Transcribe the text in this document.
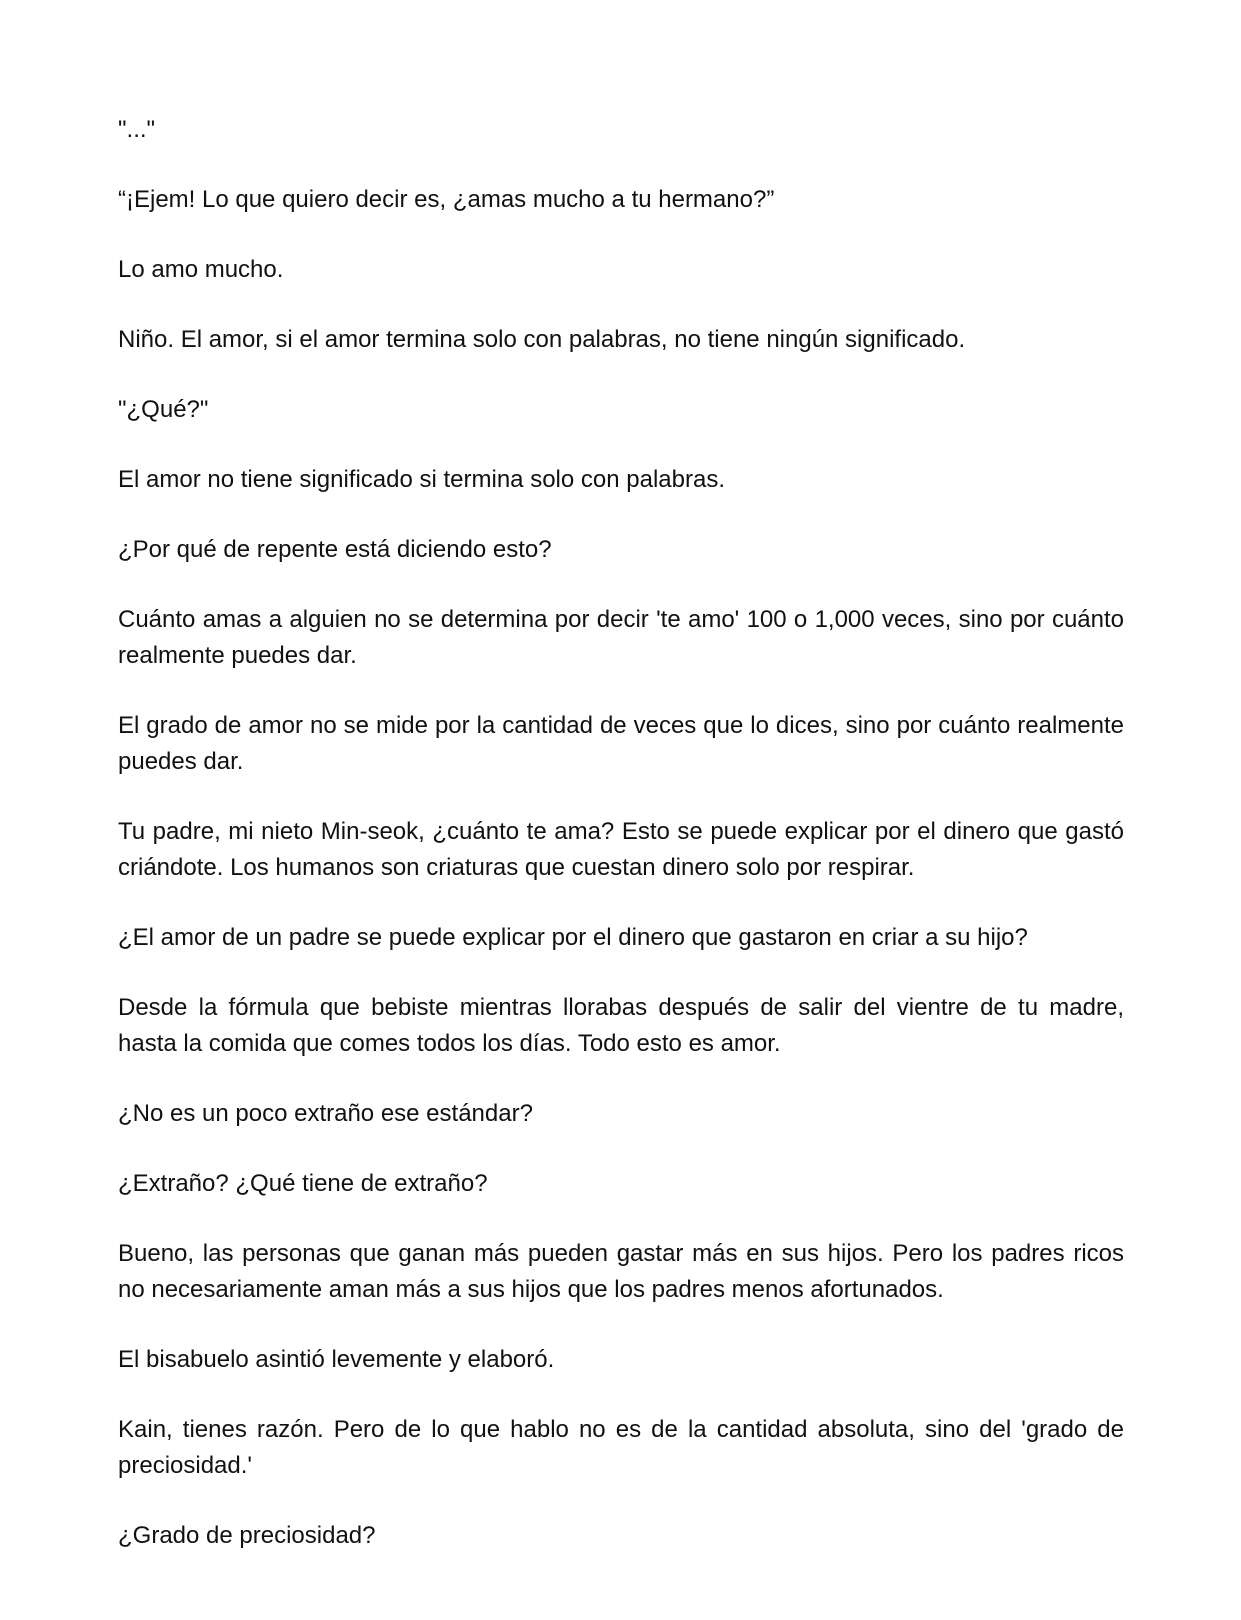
"..."

“¡Ejem! Lo que quiero decir es, ¿amas mucho a tu hermano?”

Lo amo mucho.

Niño. El amor, si el amor termina solo con palabras, no tiene ningún significado.

"¿Qué?"

El amor no tiene significado si termina solo con palabras.

¿Por qué de repente está diciendo esto?

Cuánto amas a alguien no se determina por decir 'te amo' 100 o 1,000 veces, sino por cuánto realmente puedes dar.

El grado de amor no se mide por la cantidad de veces que lo dices, sino por cuánto realmente puedes dar.

Tu padre, mi nieto Min-seok, ¿cuánto te ama? Esto se puede explicar por el dinero que gastó criándote. Los humanos son criaturas que cuestan dinero solo por respirar.

¿El amor de un padre se puede explicar por el dinero que gastaron en criar a su hijo?

Desde la fórmula que bebiste mientras llorabas después de salir del vientre de tu madre, hasta la comida que comes todos los días. Todo esto es amor.

¿No es un poco extraño ese estándar?

¿Extraño? ¿Qué tiene de extraño?

Bueno, las personas que ganan más pueden gastar más en sus hijos. Pero los padres ricos no necesariamente aman más a sus hijos que los padres menos afortunados.

El bisabuelo asintió levemente y elaboró.

Kain, tienes razón. Pero de lo que hablo no es de la cantidad absoluta, sino del 'grado de preciosidad.'

¿Grado de preciosidad?
